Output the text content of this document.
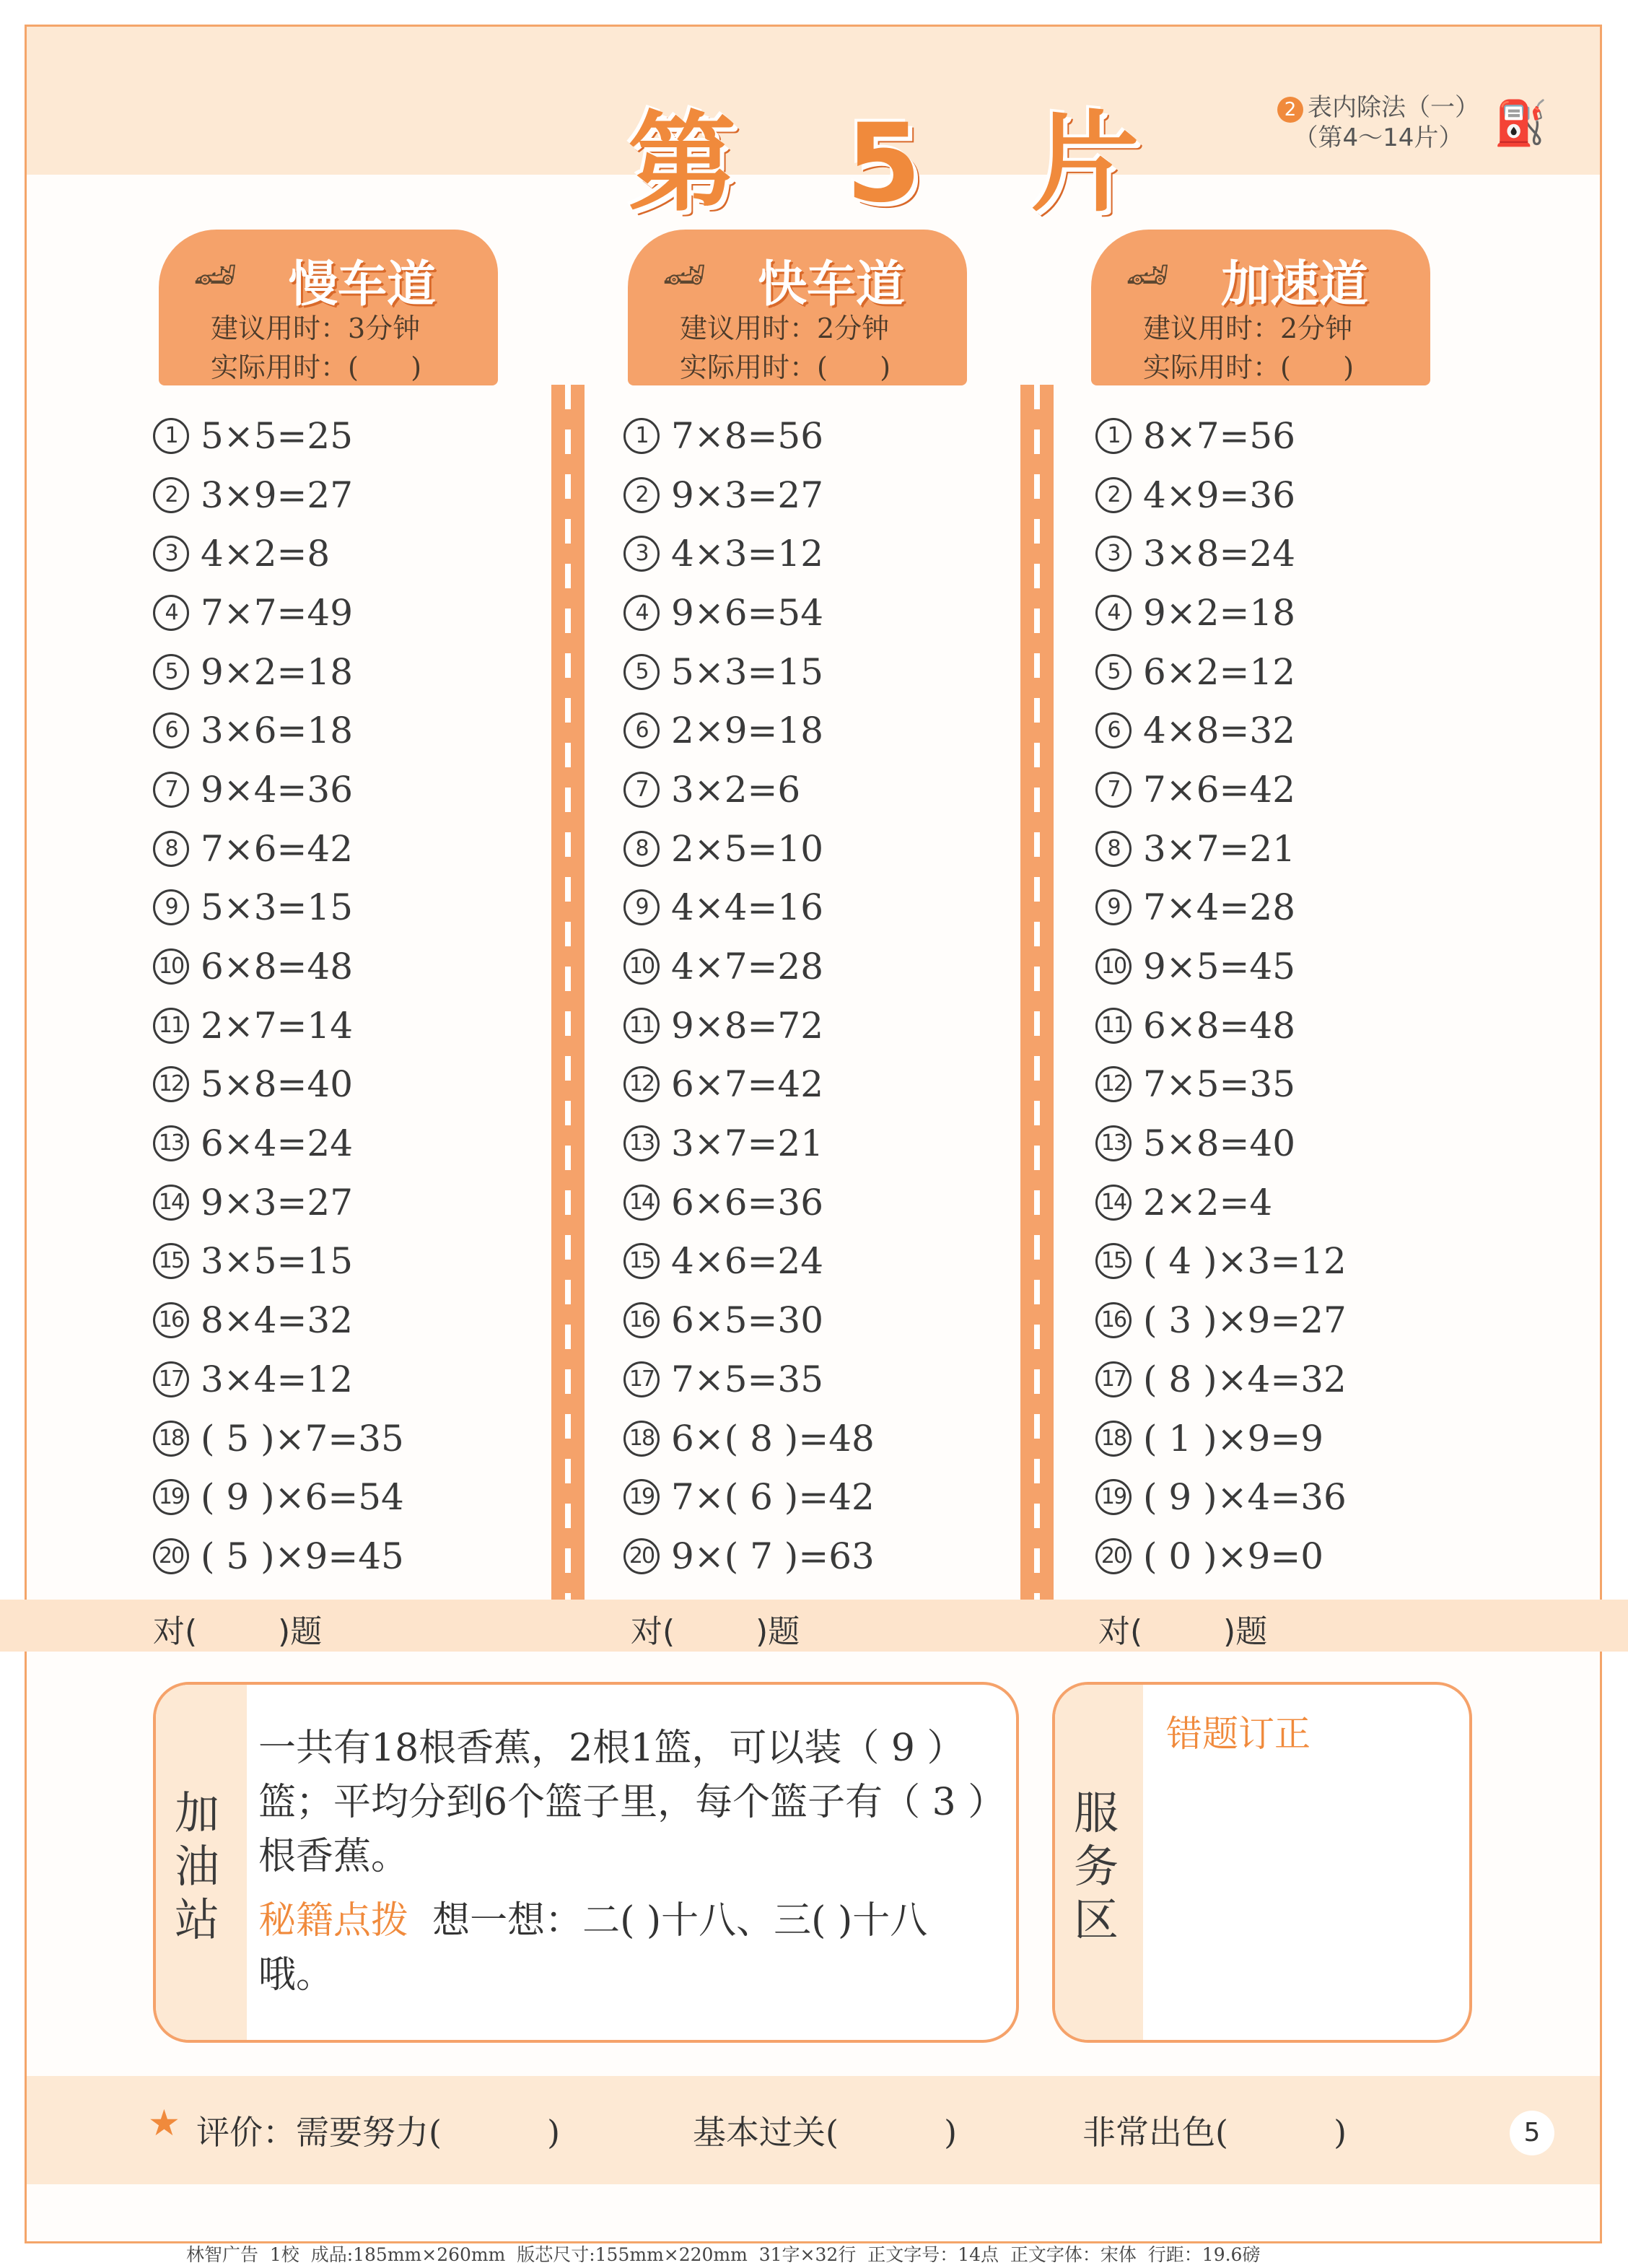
第 5 片	2 表内除法（一）
（第4～14片） ⛽
🏎 慢车道
建议用时：3分钟
实际用时：(      )
🏎 快车道
建议用时：2分钟
实际用时：(      )
🏎 加速道
建议用时：2分钟
实际用时：(      )
1 5×5=25
2 3×9=27
3 4×2=8
4 7×7=49
5 9×2=18
6 3×6=18
7 9×4=36
8 7×6=42
9 5×3=15
10 6×8=48
11 2×7=14
12 5×8=40
13 6×4=24
14 9×3=27
15 3×5=15
16 8×4=32
17 3×4=12
18 ( 5 )×7=35
19 ( 9 )×6=54
20 ( 5 )×9=45
1 7×8=56
2 9×3=27
3 4×3=12
4 9×6=54
5 5×3=15
6 2×9=18
7 3×2=6
8 2×5=10
9 4×4=16
10 4×7=28
11 9×8=72
12 6×7=42
13 3×7=21
14 6×6=36
15 4×6=24
16 6×5=30
17 7×5=35
18 6×( 8 )=48
19 7×( 6 )=42
20 9×( 7 )=63
1 8×7=56
2 4×9=36
3 3×8=24
4 9×2=18
5 6×2=12
6 4×8=32
7 7×6=42
8 3×7=21
9 7×4=28
10 9×5=45
11 6×8=48
12 7×5=35
13 5×8=40
14 2×2=4
15 ( 4 )×3=12
16 ( 3 )×9=27
17 ( 8 )×4=32
18 ( 1 )×9=9
19 ( 9 )×4=36
20 ( 0 )×9=0
对(        )题	对(        )题	对(        )题
加油站
一共有18根香蕉，2根1篮，可以装（ 9 ）篮；平均分到6个篮子里，每个篮子有（ 3 ）根香蕉。
秘籍点拨 想一想：二( )十八、三( )十八哦。
服务区
错题订正
★ 评价：需要努力(          )	基本过关(          )	非常出色(          )	5
林智广告  1校  成品:185mm×260mm  版芯尺寸:155mm×220mm  31字×32行  正文字号：14点  正文字体：宋体  行距：19.6磅
